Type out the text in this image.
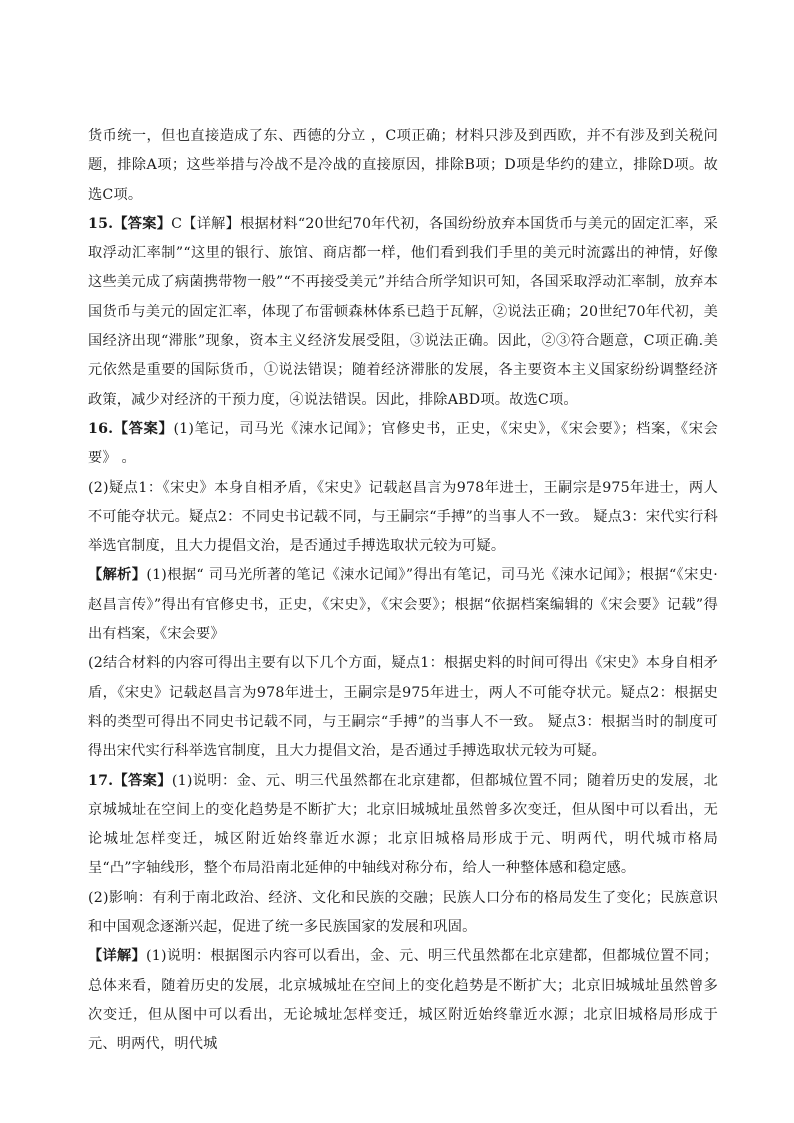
货币统一，但也直接造成了东、西德的分立 ，C项正确；材料只涉及到西欧，并不有涉及到关税问题，排除A项；这些举措与冷战不是冷战的直接原因，排除B项；D项是华约的建立，排除D项。故选C项。

15.【答案】C【详解】根据材料“20世纪70年代初，各国纷纷放弃本国货币与美元的固定汇率，采取浮动汇率制”“这里的银行、旅馆、商店都一样，他们看到我们手里的美元时流露出的神情，好像这些美元成了病菌携带物一般”“不再接受美元”并结合所学知识可知，各国采取浮动汇率制，放弃本国货币与美元的固定汇率，体现了布雷顿森林体系已趋于瓦解，②说法正确；20世纪70年代初，美国经济出现“滞胀”现象，资本主义经济发展受阻，③说法正确。因此，②③符合题意，C项正确.美元依然是重要的国际货币，①说法错误；随着经济滞胀的发展，各主要资本主义国家纷纷调整经济政策，减少对经济的干预力度，④说法错误。因此，排除ABD项。故选C项。

16.【答案】(1)笔记，司马光《涑水记闻》；官修史书，正史，《宋史》，《宋会要》；档案，《宋会要》 。

(2)疑点1：《宋史》本身自相矛盾，《宋史》记载赵昌言为978年进士，王嗣宗是975年进士，两人不可能夺状元。疑点2：不同史书记载不同，与王嗣宗“手搏”的当事人不一致。 疑点3：宋代实行科举选官制度，且大力提倡文治，是否通过手搏选取状元较为可疑。

【解析】(1)根据“ 司马光所著的笔记《涑水记闻》”得出有笔记，司马光《涑水记闻》；根据“《宋史·赵昌言传》”得出有官修史书，正史，《宋史》，《宋会要》；根据“依据档案编辑的《宋会要》记载”得出有档案，《宋会要》

(2结合材料的内容可得出主要有以下几个方面，疑点1：根据史料的时间可得出《宋史》本身自相矛盾，《宋史》记载赵昌言为978年进士，王嗣宗是975年进士，两人不可能夺状元。疑点2：根据史料的类型可得出不同史书记载不同，与王嗣宗“手搏”的当事人不一致。 疑点3：根据当时的制度可得出宋代实行科举选官制度，且大力提倡文治，是否通过手搏选取状元较为可疑。

17.【答案】(1)说明：金、元、明三代虽然都在北京建都，但都城位置不同；随着历史的发展，北京城城址在空间上的变化趋势是不断扩大；北京旧城城址虽然曾多次变迁，但从图中可以看出，无论城址怎样变迁，城区附近始终靠近水源；北京旧城格局形成于元、明两代，明代城市格局呈“凸”字轴线形，整个布局沿南北延伸的中轴线对称分布，给人一种整体感和稳定感。

(2)影响：有利于南北政治、经济、文化和民族的交融；民族人口分布的格局发生了变化；民族意识和中国观念逐渐兴起，促进了统一多民族国家的发展和巩固。

【详解】(1)说明：根据图示内容可以看出，金、元、明三代虽然都在北京建都，但都城位置不同；总体来看，随着历史的发展，北京城城址在空间上的变化趋势是不断扩大；北京旧城城址虽然曾多次变迁，但从图中可以看出，无论城址怎样变迁，城区附近始终靠近水源；北京旧城格局形成于元、明两代，明代城
